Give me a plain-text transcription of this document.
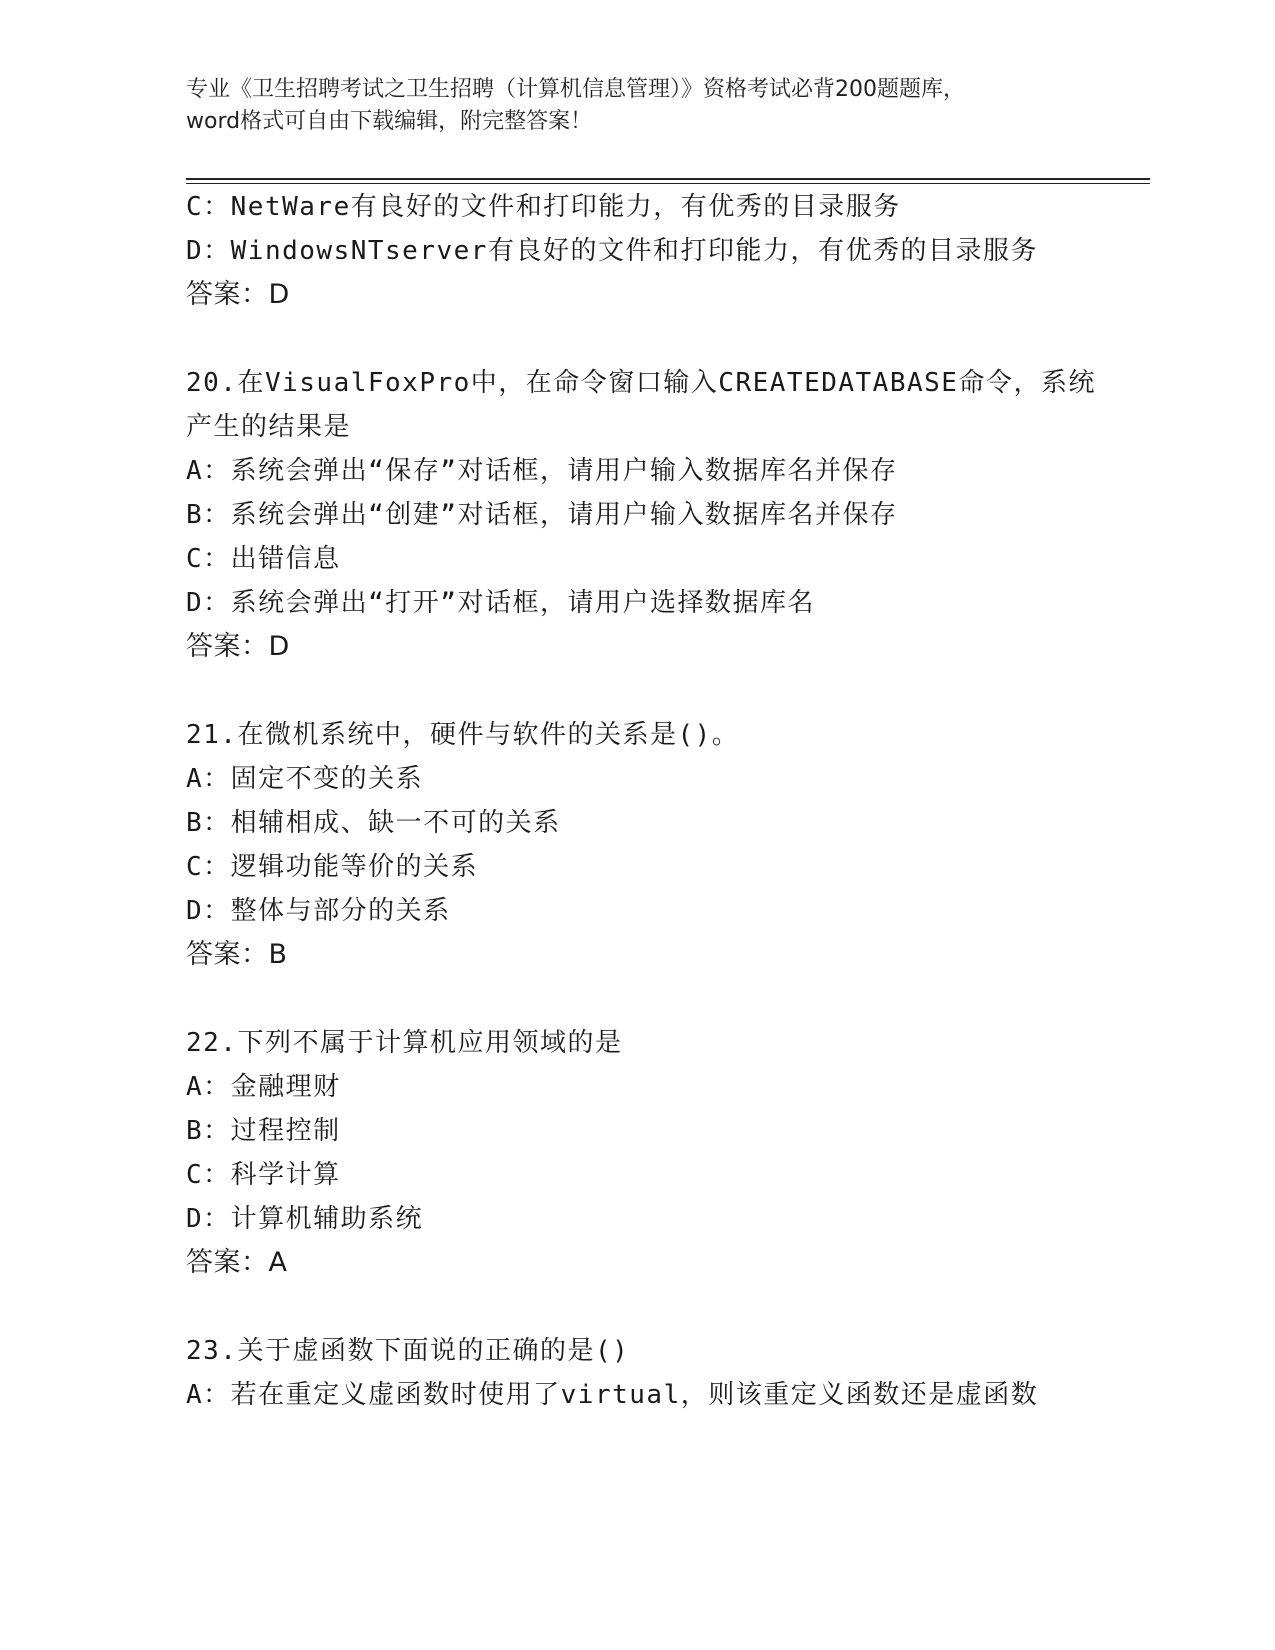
专业《卫生招聘考试之卫生招聘（计算机信息管理）》资格考试必背200题题库，
word格式可自由下载编辑，附完整答案！
C：NetWare有良好的文件和打印能力，有优秀的目录服务
D：WindowsNTserver有良好的文件和打印能力，有优秀的目录服务
答案：D
20.在VisualFoxPro中，在命令窗口输入CREATEDATABASE命令，系统
产生的结果是
A：系统会弹出“保存”对话框，请用户输入数据库名并保存
B：系统会弹出“创建”对话框，请用户输入数据库名并保存
C：出错信息
D：系统会弹出“打开”对话框，请用户选择数据库名
答案：D
21.在微机系统中，硬件与软件的关系是()。
A：固定不变的关系
B：相辅相成、缺一不可的关系
C：逻辑功能等价的关系
D：整体与部分的关系
答案：B
22.下列不属于计算机应用领域的是
A：金融理财
B：过程控制
C：科学计算
D：计算机辅助系统
答案：A
23.关于虚函数下面说的正确的是()
A：若在重定义虚函数时使用了virtual，则该重定义函数还是虚函数
